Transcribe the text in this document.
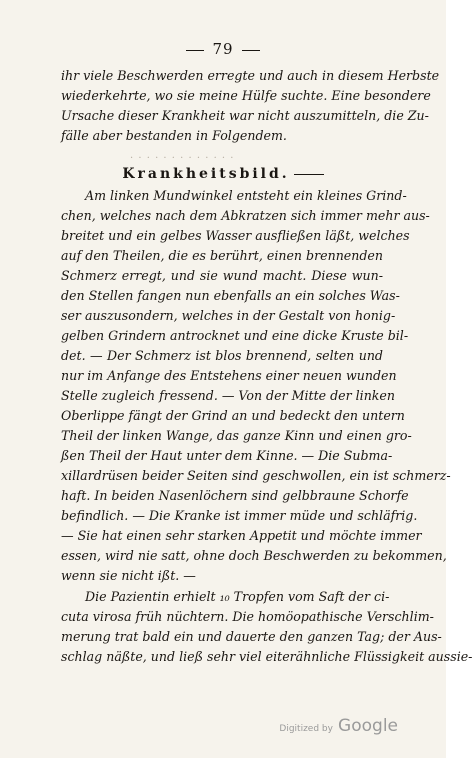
79
ihr viele Beschwerden erregte und auch in diesem Herbste
wiederkehrte, wo sie meine Hülfe suchte. Eine besondere
Ursache dieser Krankheit war nicht auszumitteln, die Zu-
fälle aber bestanden in Folgendem.
· · · · · · · · · · · · ·
Krankheitsbild.
Am linken Mundwinkel entsteht ein kleines Grind-
chen, welches nach dem Abkratzen sich immer mehr aus-
breitet und ein gelbes Wasser ausfließen läßt, welches
auf den Theilen, die es berührt, einen brennenden
Schmerz erregt, und sie wund macht. Diese wun-
den Stellen fangen nun ebenfalls an ein solches Was-
ser auszusondern, welches in der Gestalt von honig-
gelben Grindern antrocknet und eine dicke Kruste bil-
det. — Der Schmerz ist blos brennend, selten und
nur im Anfange des Entstehens einer neuen wunden
Stelle zugleich fressend. — Von der Mitte der linken
Oberlippe fängt der Grind an und bedeckt den untern
Theil der linken Wange, das ganze Kinn und einen gro-
ßen Theil der Haut unter dem Kinne. — Die Subma-
xillardrüsen beider Seiten sind geschwollen, ein ist schmerz-
haft. In beiden Nasenlöchern sind gelbbraune Schorfe
befindlich. — Die Kranke ist immer müde und schläfrig.
— Sie hat einen sehr starken Appetit und möchte immer
essen, wird nie satt, ohne doch Beschwerden zu bekommen,
wenn sie nicht ißt. —
Die Pazientin erhielt ₁₀ Tropfen vom Saft der ci-
cuta virosa früh nüchtern. Die homöopathische Verschlim-
merung trat bald ein und dauerte den ganzen Tag; der Aus-
schlag näßte, und ließ sehr viel eiterähnliche Flüssigkeit aussie-
Digitized by Google
